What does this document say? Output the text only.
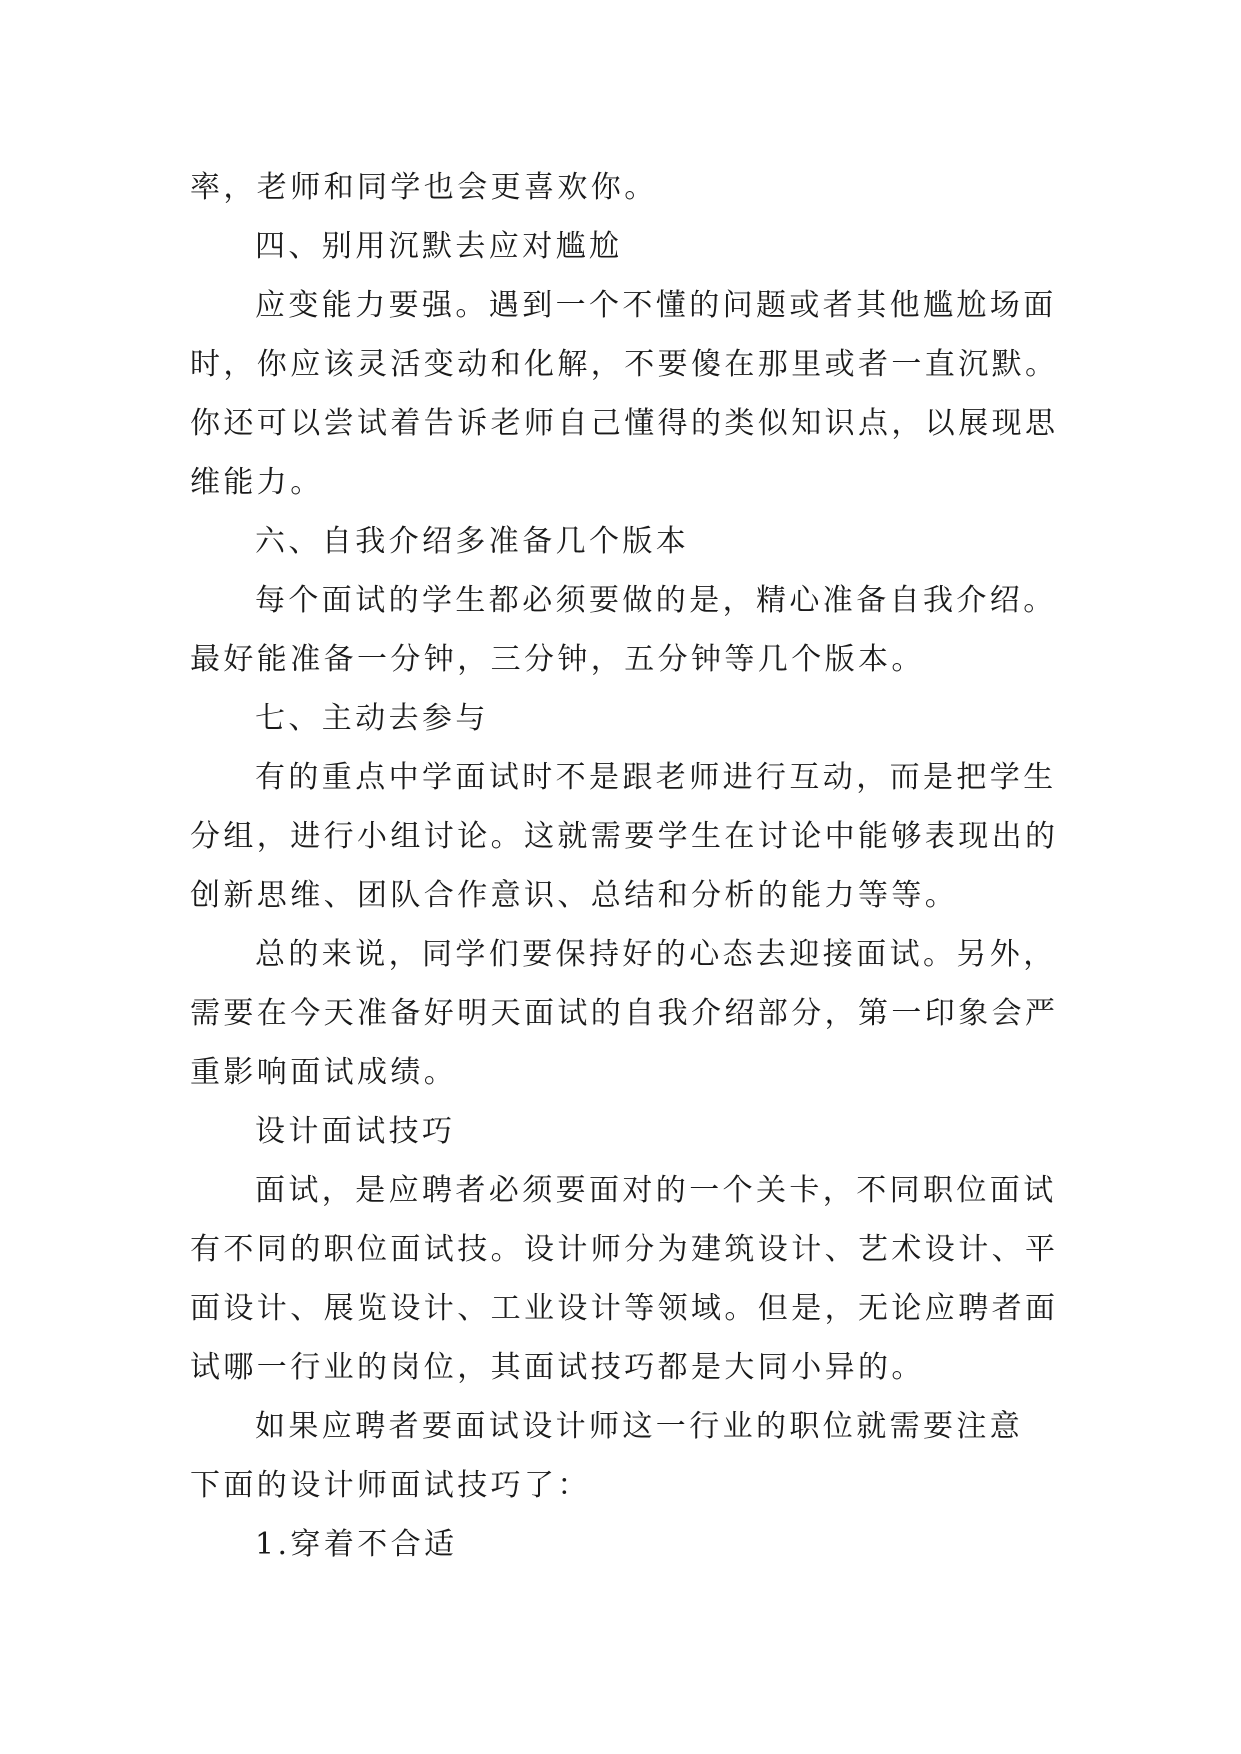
率，老师和同学也会更喜欢你。
四、别用沉默去应对尴尬
应变能力要强。遇到一个不懂的问题或者其他尴尬场面
时，你应该灵活变动和化解，不要傻在那里或者一直沉默。
你还可以尝试着告诉老师自己懂得的类似知识点，以展现思
维能力。
六、自我介绍多准备几个版本
每个面试的学生都必须要做的是，精心准备自我介绍。
最好能准备一分钟，三分钟，五分钟等几个版本。
七、主动去参与
有的重点中学面试时不是跟老师进行互动，而是把学生
分组，进行小组讨论。这就需要学生在讨论中能够表现出的
创新思维、团队合作意识、总结和分析的能力等等。
总的来说，同学们要保持好的心态去迎接面试。另外，
需要在今天准备好明天面试的自我介绍部分，第一印象会严
重影响面试成绩。
设计面试技巧
面试，是应聘者必须要面对的一个关卡，不同职位面试
有不同的职位面试技。设计师分为建筑设计、艺术设计、平
面设计、展览设计、工业设计等领域。但是，无论应聘者面
试哪一行业的岗位，其面试技巧都是大同小异的。
如果应聘者要面试设计师这一行业的职位就需要注意
下面的设计师面试技巧了：
1.穿着不合适
